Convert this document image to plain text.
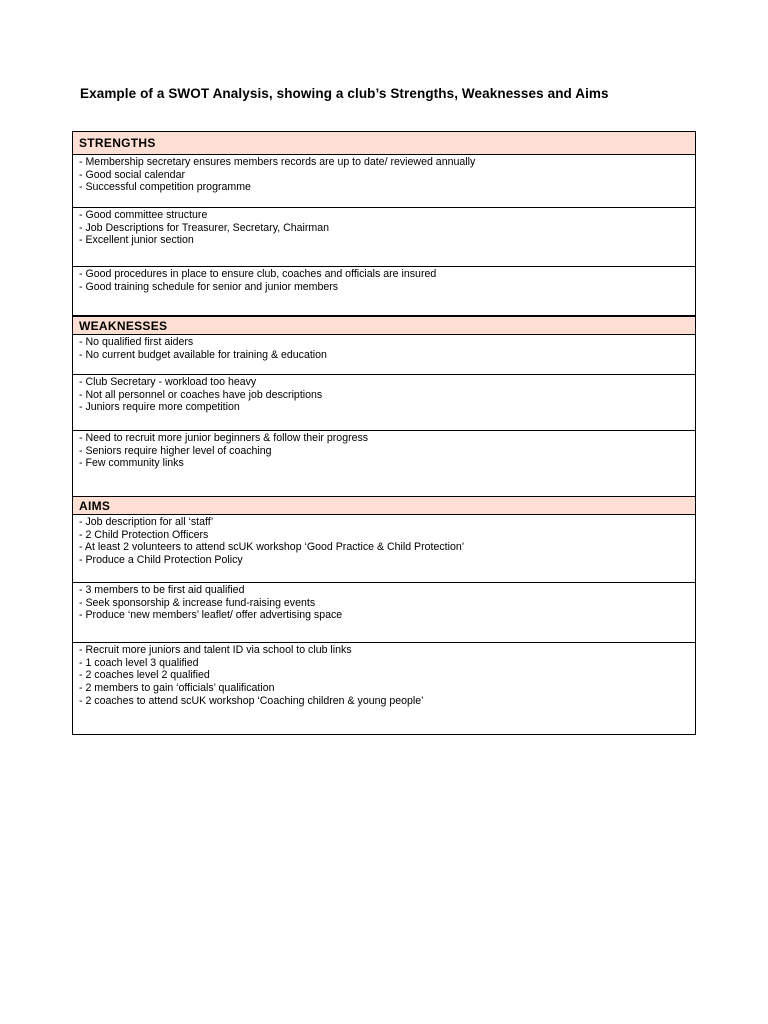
Example of a SWOT Analysis, showing a club’s Strengths, Weaknesses and Aims
STRENGTHS
- Membership secretary ensures members records are up to date/ reviewed annually
- Good social calendar
- Successful competition programme
- Good committee structure
- Job Descriptions for Treasurer, Secretary, Chairman
- Excellent junior section
- Good procedures in place to ensure club, coaches and officials are insured
- Good training schedule for senior and junior members
WEAKNESSES
- No qualified first aiders
- No current budget available for training & education
- Club Secretary - workload too heavy
- Not all personnel or coaches have job descriptions
- Juniors require more competition
- Need to recruit more junior beginners & follow their progress
- Seniors require higher level of coaching
- Few community links
AIMS
- Job description for all ‘staff’
- 2 Child Protection Officers
- At least 2 volunteers to attend scUK workshop ‘Good Practice & Child Protection’
- Produce a Child Protection Policy
- 3 members to be first aid qualified
- Seek sponsorship & increase fund-raising events
- Produce ‘new members’ leaflet/ offer advertising space
- Recruit more juniors and talent ID via school to club links
- 1 coach level 3 qualified
- 2 coaches level 2 qualified
- 2 members to gain ‘officials’ qualification
- 2 coaches to attend scUK workshop ‘Coaching children & young people’
